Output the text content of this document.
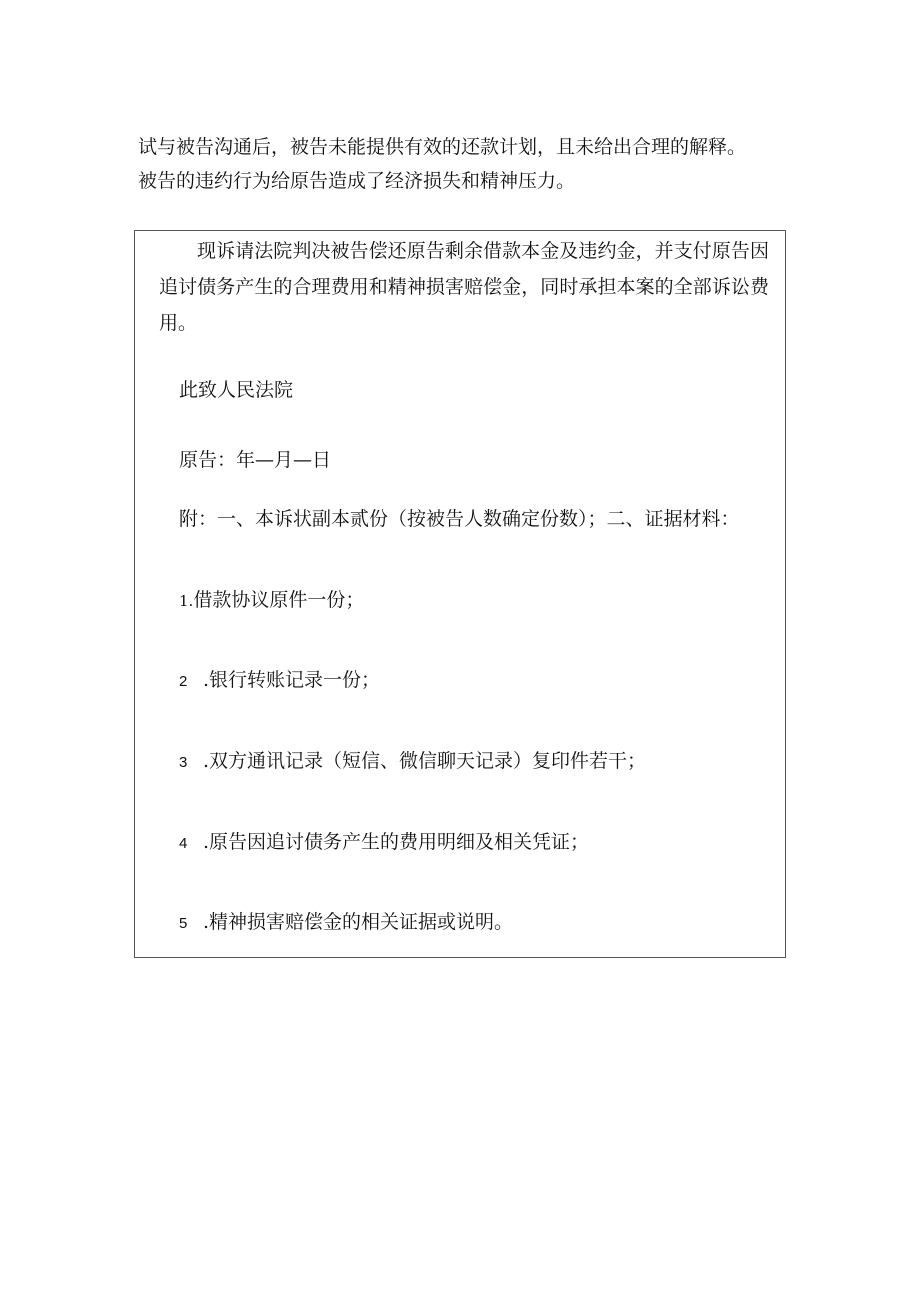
试与被告沟通后，被告未能提供有效的还款计划，且未给出合理的解释。

被告的违约行为给原告造成了经济损失和精神压力。

现诉请法院判决被告偿还原告剩余借款本金及违约金，并支付原告因追讨债务产生的合理费用和精神损害赔偿金，同时承担本案的全部诉讼费用。

此致人民法院

原告：年—月—日

附：一、本诉状副本贰份（按被告人数确定份数）；二、证据材料：

1.借款协议原件一份；

2 .银行转账记录一份；

3 .双方通讯记录（短信、微信聊天记录）复印件若干；

4 .原告因追讨债务产生的费用明细及相关凭证；

5 .精神损害赔偿金的相关证据或说明。
